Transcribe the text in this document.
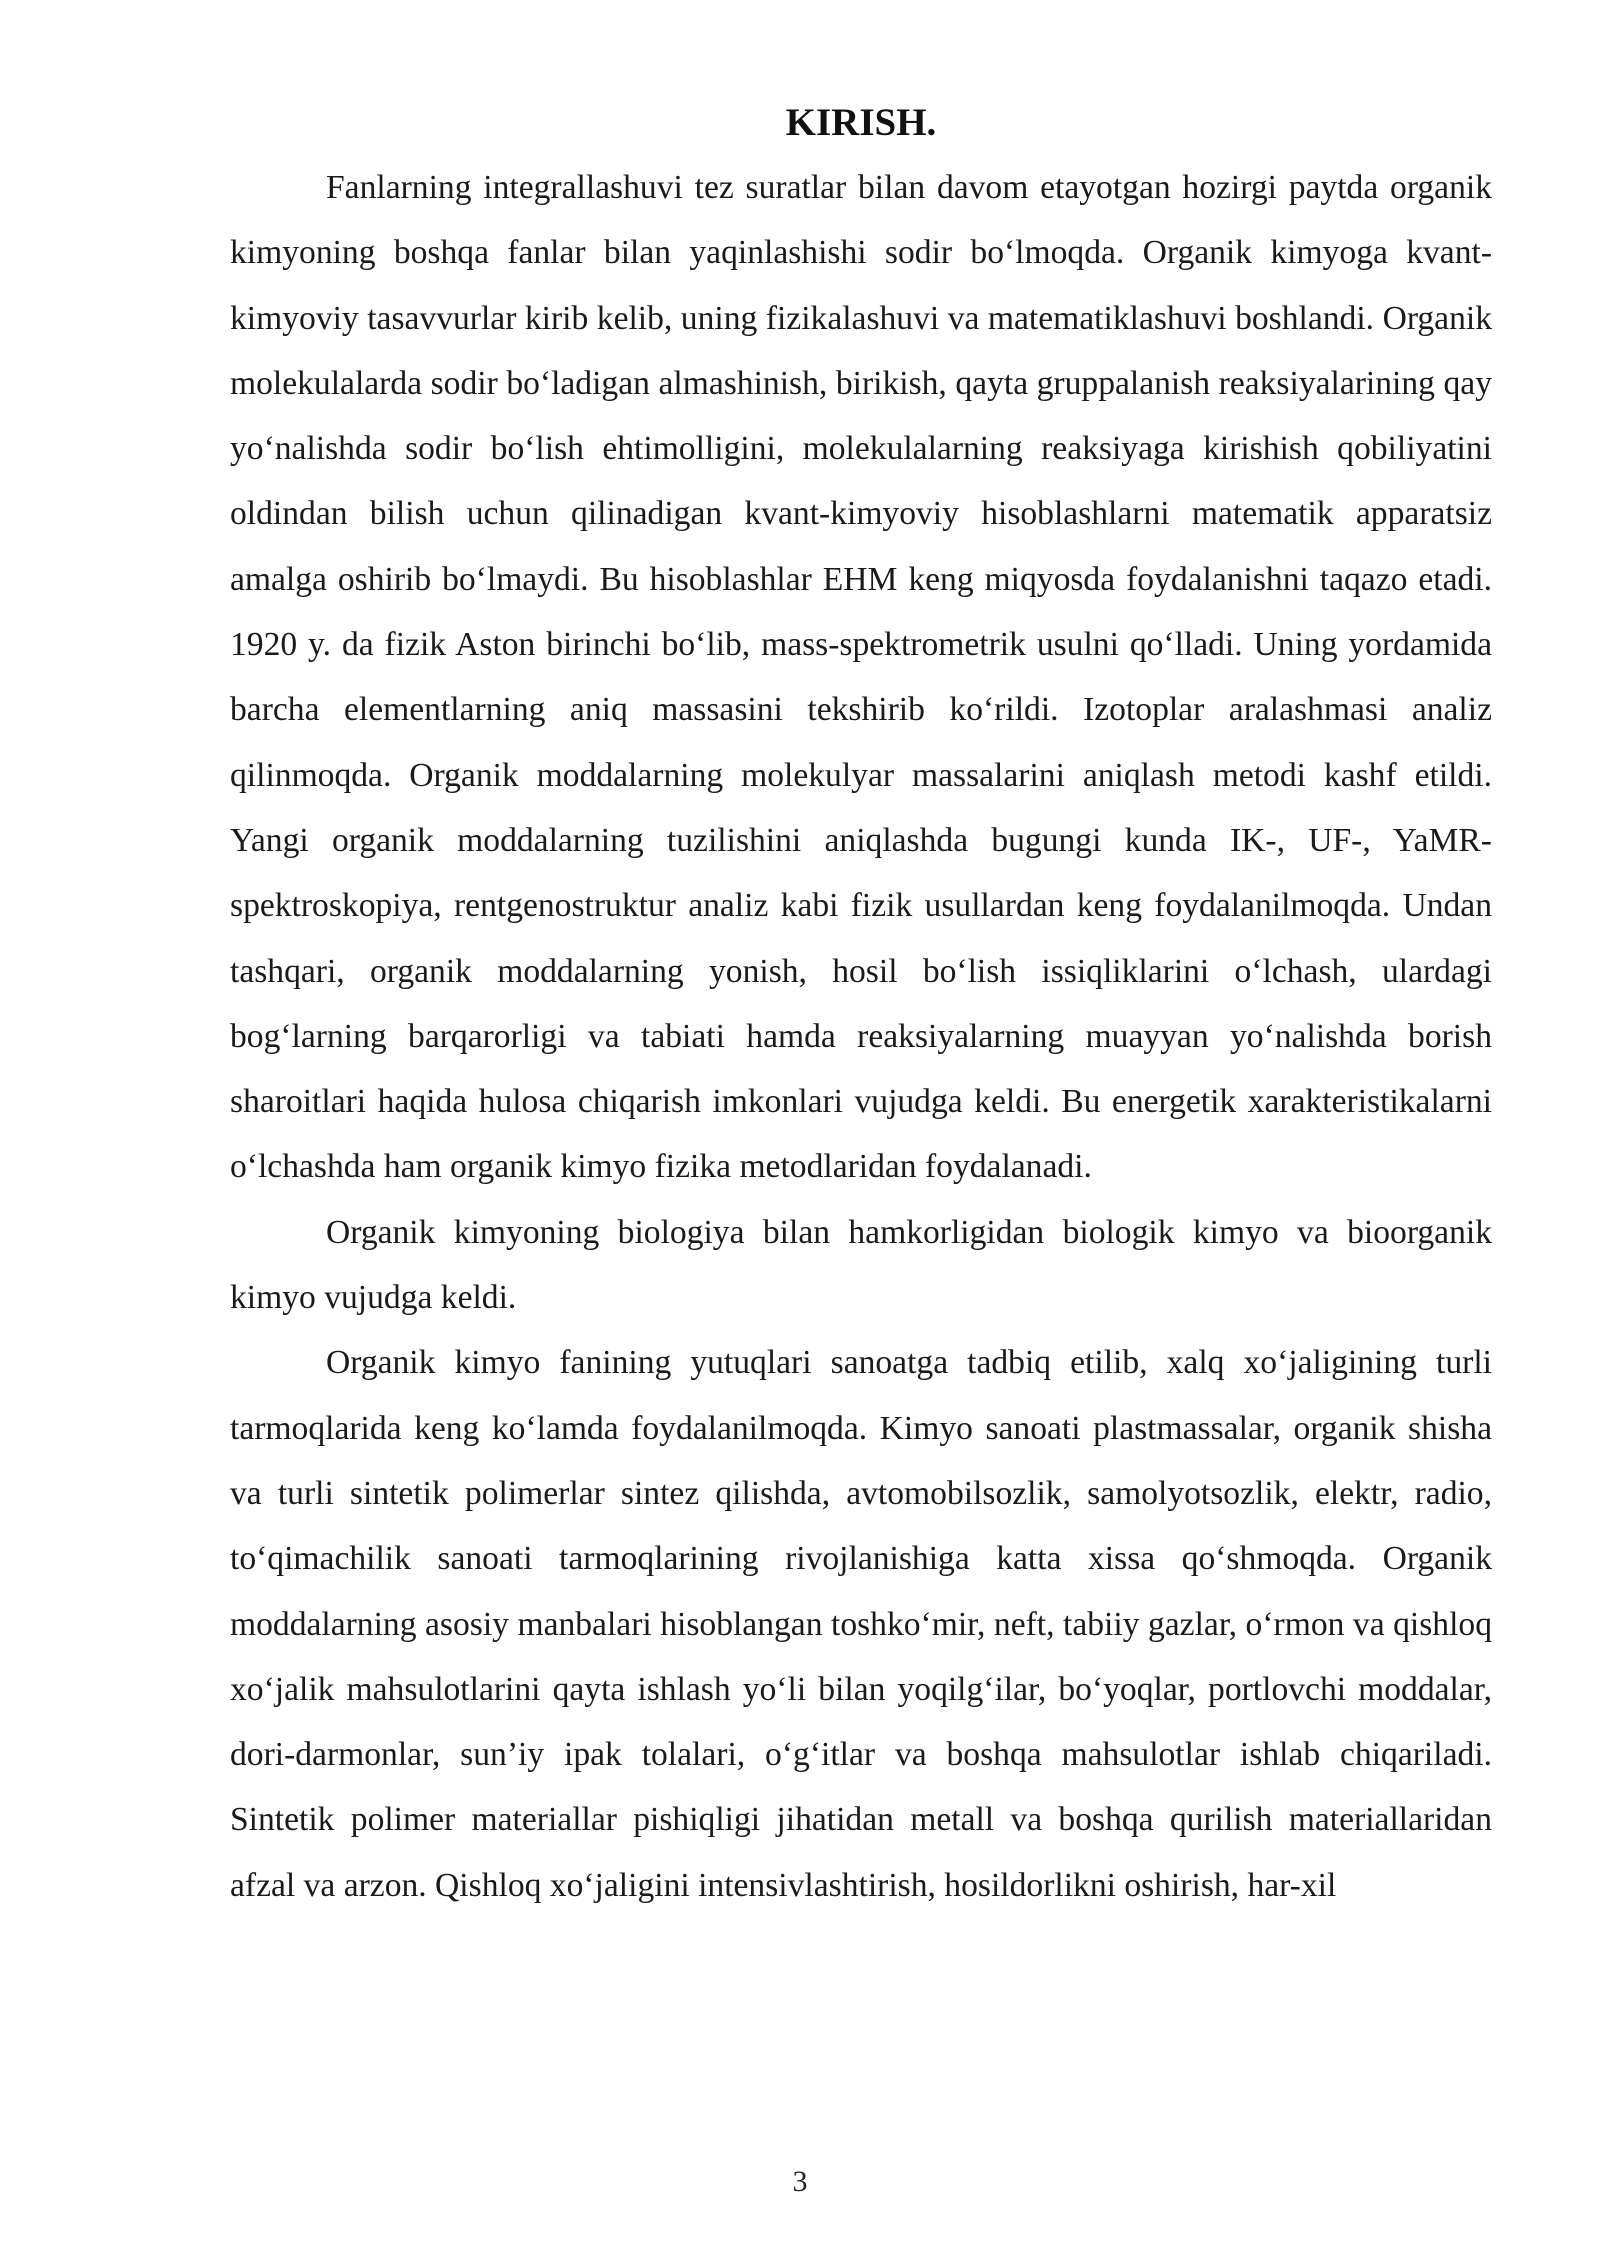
KIRISH.

Fanlarning integrallashuvi tez suratlar bilan davom etayotgan hozirgi paytda organik kimyoning boshqa fanlar bilan yaqinlashishi sodir bo‘lmoqda. Organik kimyoga kvant-kimyoviy tasavvurlar kirib kelib, uning fizikalashuvi va matematiklashuvi boshlandi. Organik molekulalarda sodir bo‘ladigan almashinish, birikish, qayta gruppalanish reaksiyalarining qay yo‘nalishda sodir bo‘lish ehtimolligini, molekulalarning reaksiyaga kirishish qobiliyatini oldindan bilish uchun qilinadigan kvant-kimyoviy hisoblashlarni matematik apparatsiz amalga oshirib bo‘lmaydi. Bu hisoblashlar EHM keng miqyosda foydalanishni taqazo etadi. 1920 y. da fizik Aston birinchi bo‘lib, mass-spektrometrik usulni qo‘lladi. Uning yordamida barcha elementlarning aniq massasini tekshirib ko‘rildi. Izotoplar aralashmasi analiz qilinmoqda. Organik moddalarning molekulyar massalarini aniqlash metodi kashf etildi. Yangi organik moddalarning tuzilishini aniqlashda bugungi kunda IK-, UF-, YaMR-spektroskopiya, rentgenostruktur analiz kabi fizik usullardan keng foydalanilmoqda. Undan tashqari, organik moddalarning yonish, hosil bo‘lish issiqliklarini o‘lchash, ulardagi bog‘larning barqarorligi va tabiati hamda reaksiyalarning muayyan yo‘nalishda borish sharoitlari haqida hulosa chiqarish imkonlari vujudga keldi. Bu energetik xarakteristikalarni o‘lchashda ham organik kimyo fizika metodlaridan foydalanadi.

Organik kimyoning biologiya bilan hamkorligidan biologik kimyo va bioorganik kimyo vujudga keldi.

Organik kimyo fanining yutuqlari sanoatga tadbiq etilib, xalq xo‘jaligining turli tarmoqlarida keng ko‘lamda foydalanilmoqda. Kimyo sanoati plastmassalar, organik shisha va turli sintetik polimerlar sintez qilishda, avtomobilsozlik, samolyotsozlik, elektr, radio, to‘qimachilik sanoati tarmoqlarining rivojlanishiga katta xissa qo‘shmoqda. Organik moddalarning asosiy manbalari hisoblangan toshko‘mir, neft, tabiiy gazlar, o‘rmon va qishloq xo‘jalik mahsulotlarini qayta ishlash yo‘li bilan yoqilg‘ilar, bo‘yoqlar, portlovchi moddalar, dori-darmonlar, sun’iy ipak tolalari, o‘g‘itlar va boshqa mahsulotlar ishlab chiqariladi. Sintetik polimer materiallar pishiqligi jihatidan metall va boshqa qurilish materiallaridan afzal va arzon. Qishloq xo‘jaligini intensivlashtirish, hosildorlikni oshirish, har-xil

3
